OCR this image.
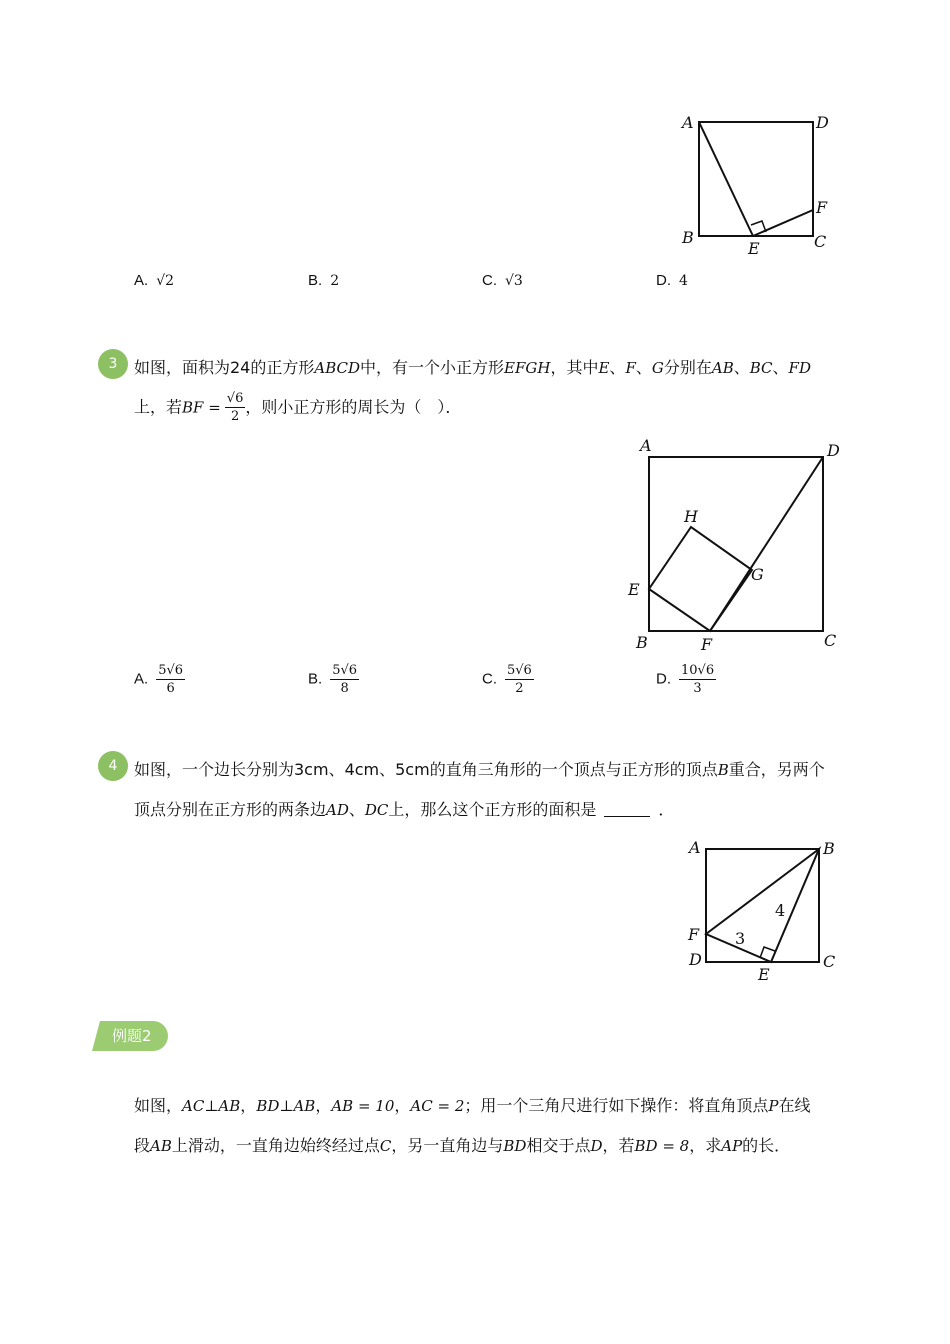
A	D
B	C
E
F
A. √2	B. 2	C. √3	D. 4
3	如图，面积为24的正方形ABCD中，有一个小正方形EFGH，其中E、F、G分别在AB、BC、FD
上，若BF = $\frac{√6}{2}$ ，则小正方形的周长为（　）．
A	D
B	C
E
F
G
H
A. $\frac{5√6}{6}$	B. $\frac{5√6}{8}$	C. $\frac{5√6}{2}$	D. $\frac{10√6}{3}$
4	如图，一个边长分别为3cm、4cm、5cm的直角三角形的一个顶点与正方形的顶点B重合，另两个
顶点分别在正方形的两条边AD、DC上，那么这个正方形的面积是	．
A	B
C
D
E
F 3
4
例题2
如图，AC⊥AB，BD⊥AB，AB = 10，AC = 2；用一个三角尺进行如下操作：将直角顶点P在线
段AB上滑动，一直角边始终经过点C，另一直角边与BD相交于点D，若BD = 8，求AP的长．
